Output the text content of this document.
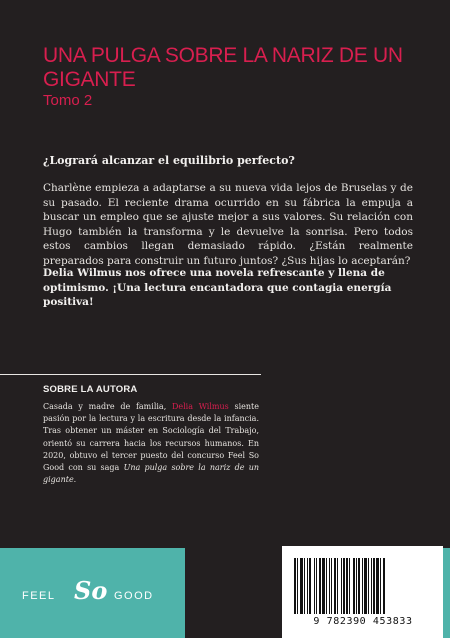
UNA PULGA SOBRE LA NARIZ DE UN GIGANTE
Tomo 2
¿Logrará alcanzar el equilibrio perfecto?

Charlène empieza a adaptarse a su nueva vida lejos de Bruselas y de su pasado. El reciente drama ocurrido en su fábrica la empuja a buscar un empleo que se ajuste mejor a sus valores. Su relación con Hugo también la transforma y le devuelve la sonrisa. Pero todos estos cambios llegan demasiado rápido. ¿Están realmente preparados para construir un futuro juntos? ¿Sus hijas lo aceptarán?

Delia Wilmus nos ofrece una novela refrescante y llena de optimismo. ¡Una lectura encantadora que contagia energía positiva!

SOBRE LA AUTORA

Casada y madre de familia, Delia Wilmus siente pasión por la lectura y la escritura desde la infancia. Tras obtener un máster en Sociología del Trabajo, orientó su carrera hacia los recursos humanos. En 2020, obtuvo el tercer puesto del concurso Feel So Good con su saga Una pulga sobre la nariz de un gigante.

FEEL So GOOD
9 782390 453833
